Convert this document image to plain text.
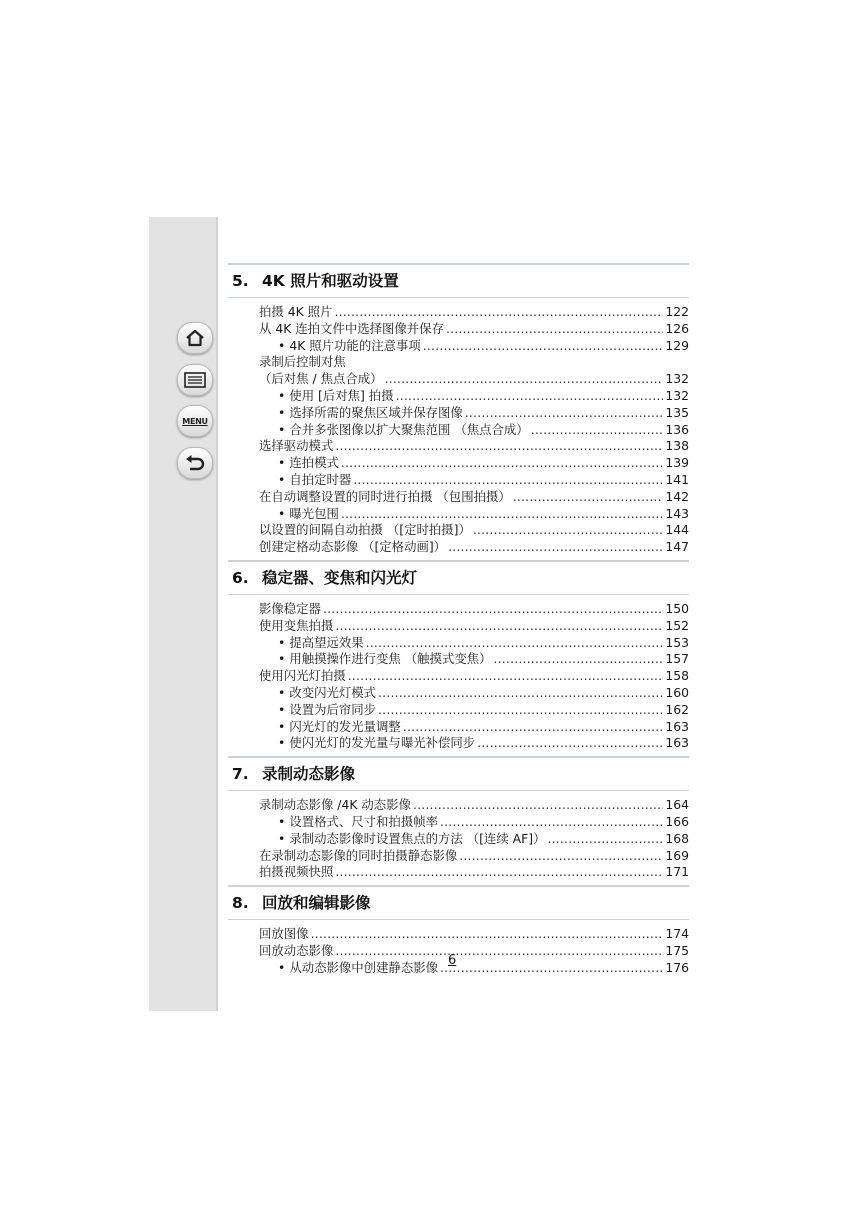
MENU
5. 4K 照片和驱动设置
拍摄 4K 照片 .....	122
从 4K 连拍文件中选择图像并保存 .....	126
• 4K 照片功能的注意事项 .....	129
录制后控制对焦
（后对焦 / 焦点合成） .....	132
• 使用 [后对焦] 拍摄 .....	132
• 选择所需的聚焦区域并保存图像 .....	135
• 合并多张图像以扩大聚焦范围 （焦点合成） .....	136
选择驱动模式 .....	138
• 连拍模式 .....	139
• 自拍定时器 .....	141
在自动调整设置的同时进行拍摄 （包围拍摄） .....	142
• 曝光包围 .....	143
以设置的间隔自动拍摄 （[定时拍摄]） .....	144
创建定格动态影像 （[定格动画]） .....	147
6. 稳定器、变焦和闪光灯
影像稳定器 .....	150
使用变焦拍摄 .....	152
• 提高望远效果 .....	153
• 用触摸操作进行变焦 （触摸式变焦） .....	157
使用闪光灯拍摄 .....	158
• 改变闪光灯模式 .....	160
• 设置为后帘同步 .....	162
• 闪光灯的发光量调整 .....	163
• 使闪光灯的发光量与曝光补偿同步 .....	163
7. 录制动态影像
录制动态影像 /4K 动态影像 .....	164
• 设置格式、尺寸和拍摄帧率 .....	166
• 录制动态影像时设置焦点的方法 （[连续 AF]） .....	168
在录制动态影像的同时拍摄静态影像 .....	169
拍摄视频快照 .....	171
8. 回放和编辑影像
回放图像 .....	174
回放动态影像 .....	175
• 从动态影像中创建静态影像 .....	176
6
